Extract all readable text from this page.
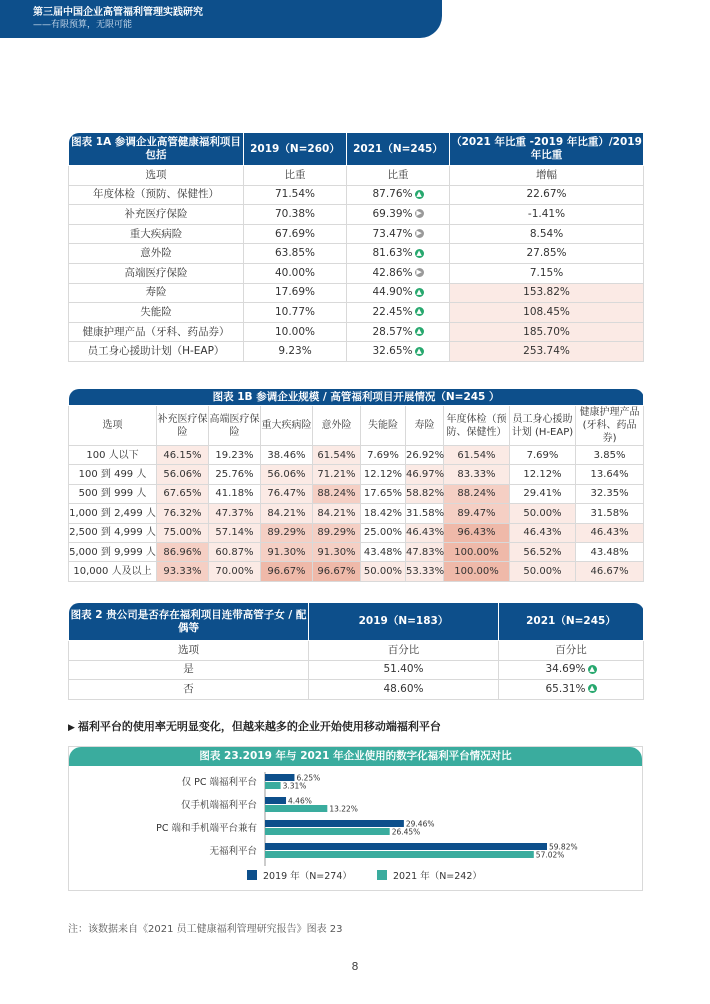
第三届中国企业高管福利管理实践研究
——有限预算，无限可能
图表 1A 参调企业高管健康福利项目包括	2019（N=260）	2021（N=245）	（2021 年比重 -2019 年比重）/2019 年比重
选项	比重	比重	增幅
年度体检（预防、保健性）	71.54%	87.76% ▲	22.67%
补充医疗保险	70.38%	69.39% ▶	-1.41%
重大疾病险	67.69%	73.47% ▶	8.54%
意外险	63.85%	81.63% ▲	27.85%
高端医疗保险	40.00%	42.86% ▶	7.15%
寿险	17.69%	44.90% ▲	153.82%
失能险	10.77%	22.45% ▲	108.45%
健康护理产品（牙科、药品券）	10.00%	28.57% ▲	185.70%
员工身心援助计划（H-EAP）	9.23%	32.65% ▲	253.74%
图表 1B 参调企业规模 / 高管福利项目开展情况（N=245 ）									
选项	补充医疗保险	高端医疗保险	重大疾病险	意外险	失能险	寿险	年度体检（预防、保健性）	员工身心援助计划 (H-EAP)	健康护理产品(牙科、药品券)
100 人以下	46.15%	19.23%	38.46%	61.54%	7.69%	26.92%	61.54%	7.69%	3.85%
100 到 499 人	56.06%	25.76%	56.06%	71.21%	12.12%	46.97%	83.33%	12.12%	13.64%
500 到 999 人	67.65%	41.18%	76.47%	88.24%	17.65%	58.82%	88.24%	29.41%	32.35%
1,000 到 2,499 人	76.32%	47.37%	84.21%	84.21%	18.42%	31.58%	89.47%	50.00%	31.58%
2,500 到 4,999 人	75.00%	57.14%	89.29%	89.29%	25.00%	46.43%	96.43%	46.43%	46.43%
5,000 到 9,999 人	86.96%	60.87%	91.30%	91.30%	43.48%	47.83%	100.00%	56.52%	43.48%
10,000 人及以上	93.33%	70.00%	96.67%	96.67%	50.00%	53.33%	100.00%	50.00%	46.67%
图表 2 贵公司是否存在福利项目连带高管子女 / 配偶等	2019（N=183）	2021（N=245）
选项	百分比	百分比
是	51.40%	34.69% ▲
否	48.60%	65.31% ▲
▶ 福利平台的使用率无明显变化，但越来越多的企业开始使用移动端福利平台
图表 23.2019 年与 2021 年企业使用的数字化福利平台情况对比
仅 PC 端福利平台	6.25%
3.31%
仅手机端福利平台	4.46%
13.22%
PC 端和手机端平台兼有	29.46%
26.45%
无福利平台	59.82%
57.02%
2019 年（N=274）	2021 年（N=242）
注：该数据来自《2021 员工健康福利管理研究报告》图表 23
8
